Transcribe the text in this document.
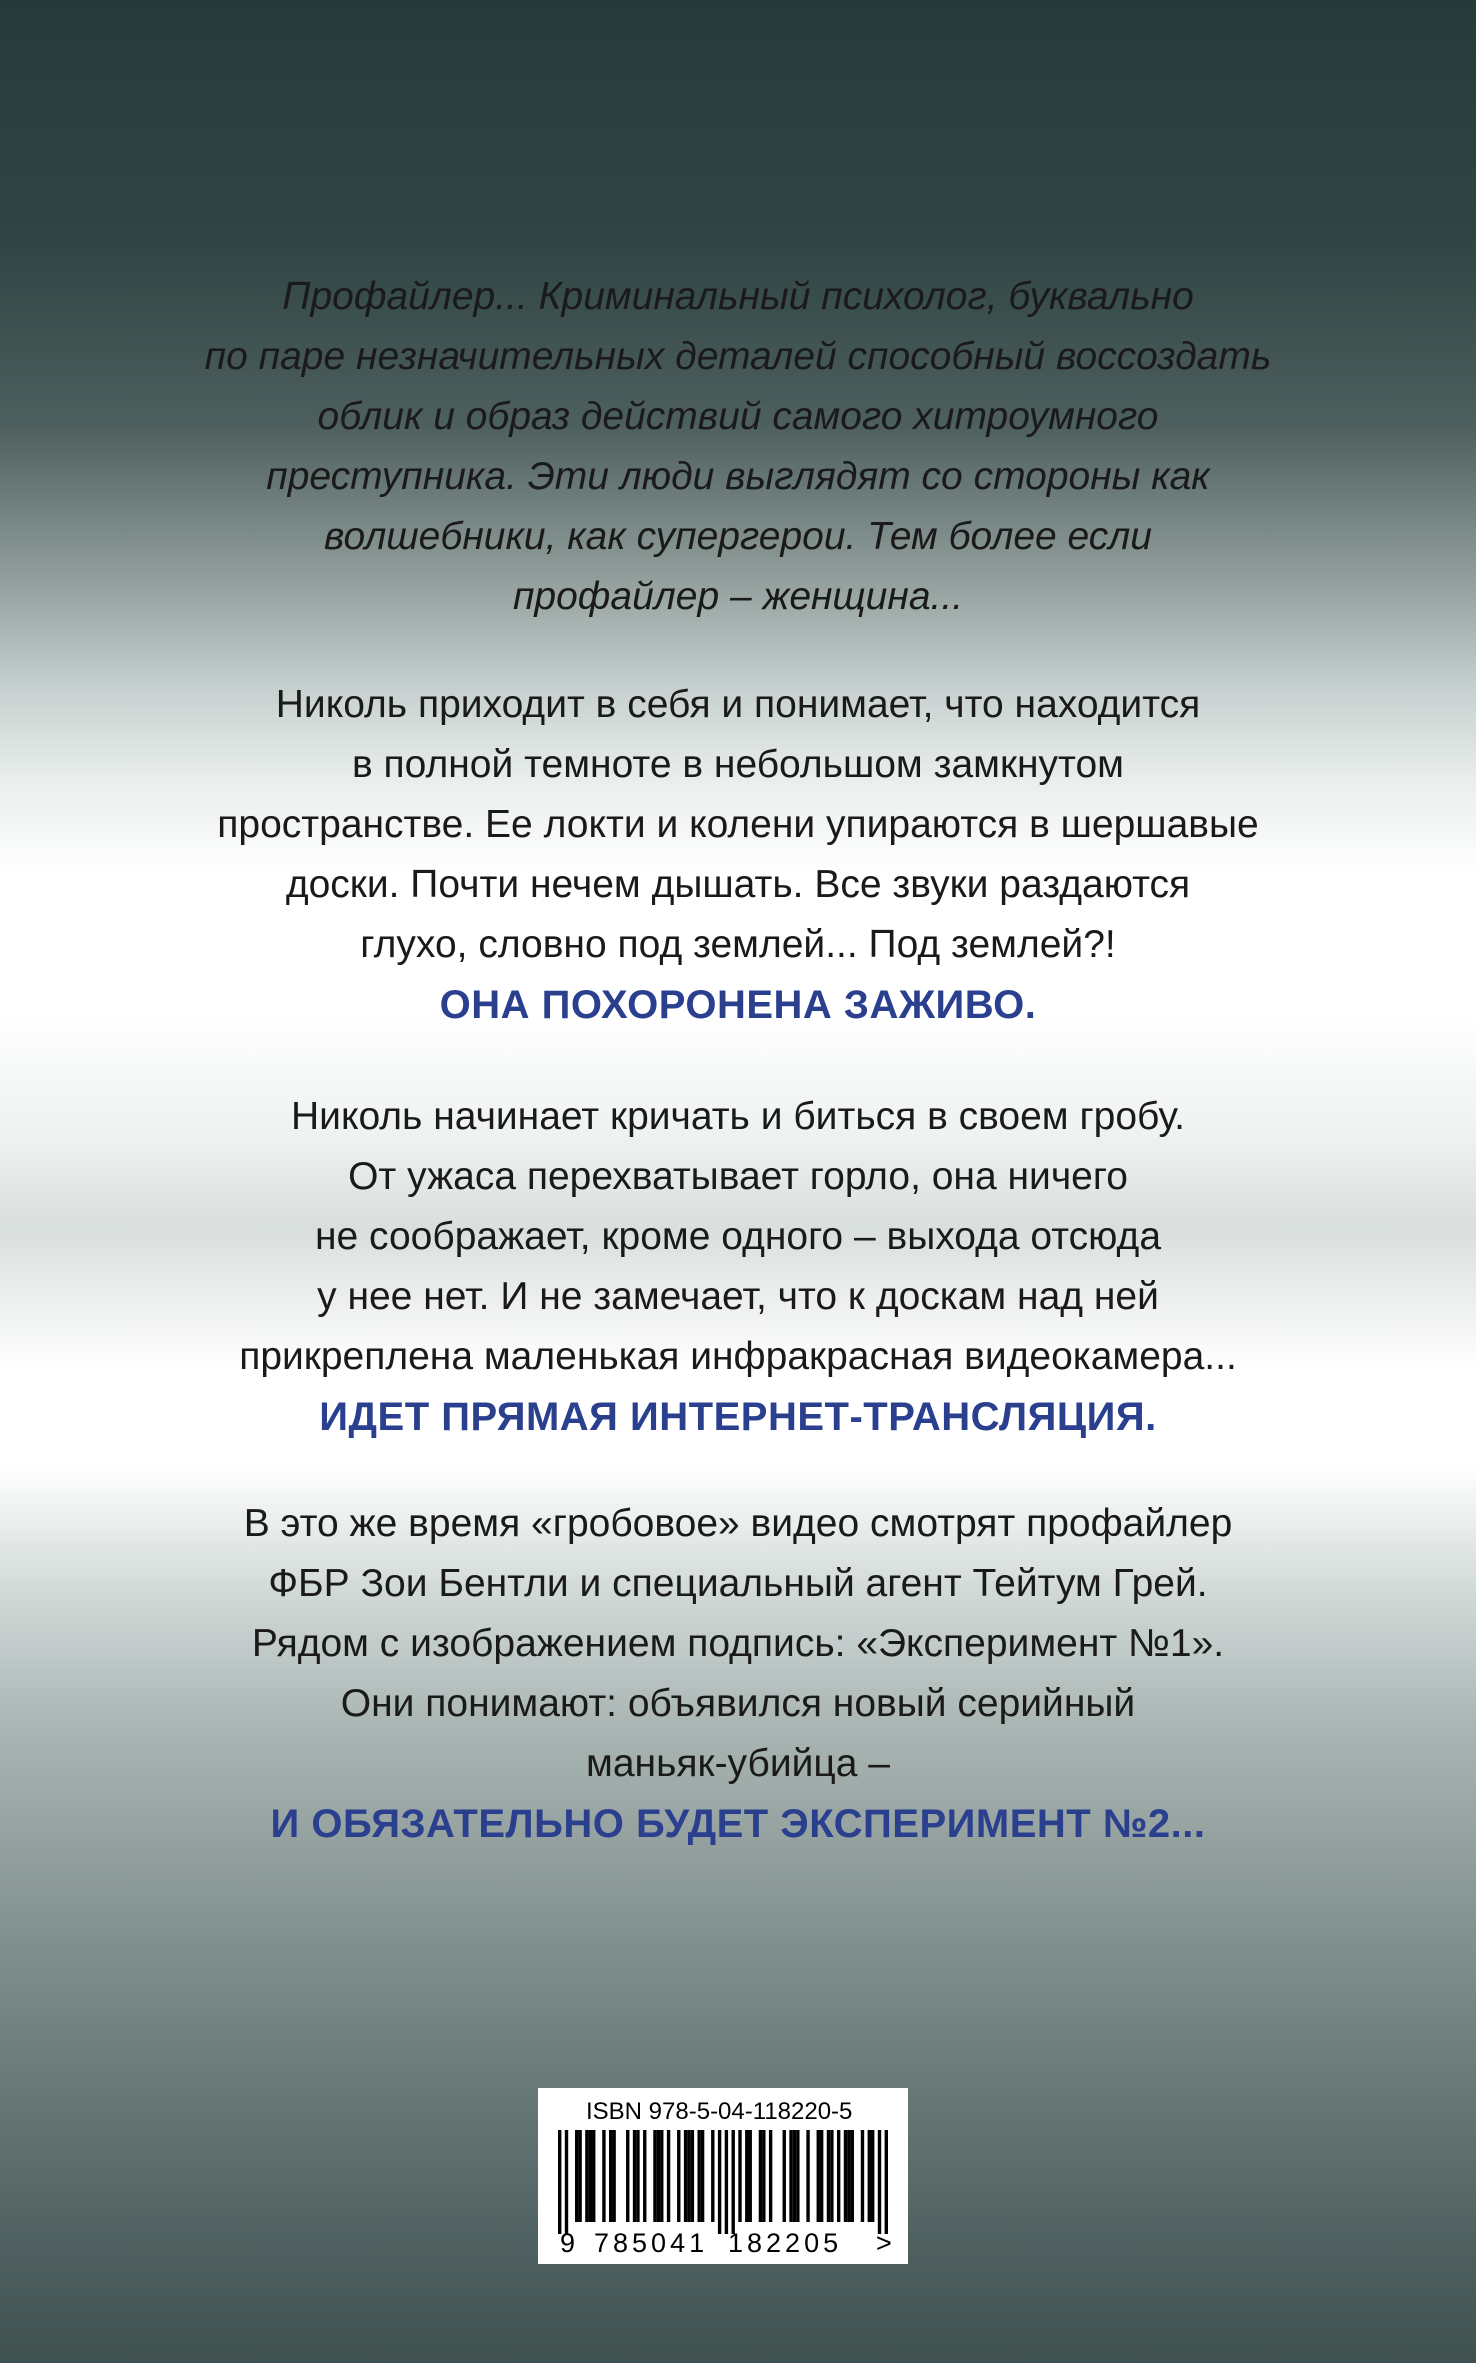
Профайлер... Криминальный психолог, буквально
по паре незначительных деталей способный воссоздать
облик и образ действий самого хитроумного
преступника. Эти люди выглядят со стороны как
волшебники, как супергерои. Тем более если
профайлер – женщина...
Николь приходит в себя и понимает, что находится
в полной темноте в небольшом замкнутом
пространстве. Ее локти и колени упираются в шершавые
доски. Почти нечем дышать. Все звуки раздаются
глухо, словно под землей... Под землей?!
ОНА ПОХОРОНЕНА ЗАЖИВО.
Николь начинает кричать и биться в своем гробу.
От ужаса перехватывает горло, она ничего
не соображает, кроме одного – выхода отсюда
у нее нет. И не замечает, что к доскам над ней
прикреплена маленькая инфракрасная видеокамера...
ИДЕТ ПРЯМАЯ ИНТЕРНЕТ-ТРАНСЛЯЦИЯ.
В это же время «гробовое» видео смотрят профайлер
ФБР Зои Бентли и специальный агент Тейтум Грей.
Рядом с изображением подпись: «Эксперимент №1».
Они понимают: объявился новый серийный
маньяк-убийца –
И ОБЯЗАТЕЛЬНО БУДЕТ ЭКСПЕРИМЕНТ №2...
ISBN 978-5-04-118220-5
9 785041 182205 >
